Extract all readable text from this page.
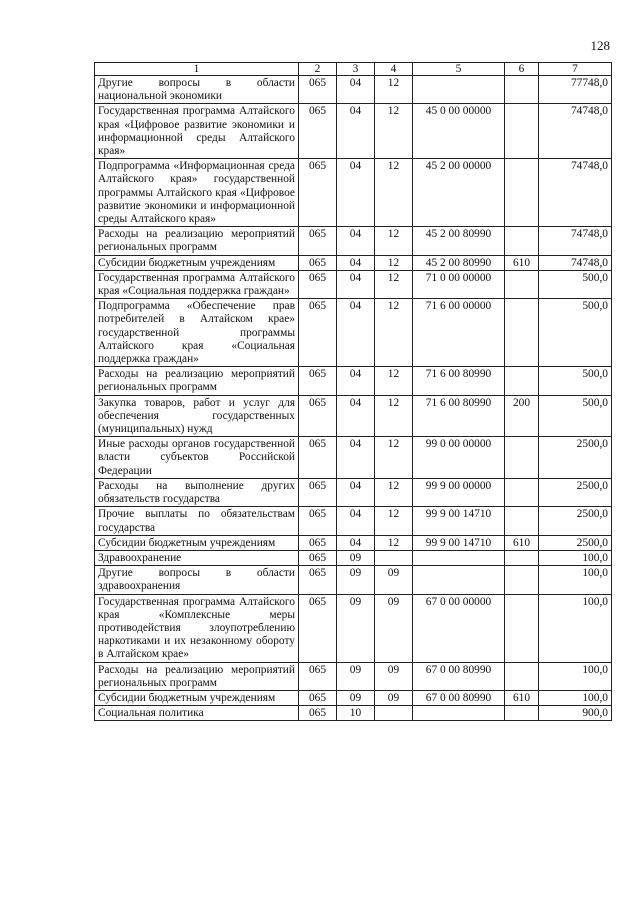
128
1	2	3	4	5	6	7
Другие вопросы в области национальной экономики	065	04	12			77748,0
Государственная программа Алтайского края «Цифровое развитие экономики и информационной среды Алтайского края»	065	04	12	45 0 00 00000		74748,0
Подпрограмма «Информационная среда Алтайского края» государственной программы Алтайского края «Цифровое развитие экономики и информационной среды Алтайского края»	065	04	12	45 2 00 00000		74748,0
Расходы на реализацию мероприятий региональных программ	065	04	12	45 2 00 80990		74748,0
Субсидии бюджетным учреждениям	065	04	12	45 2 00 80990	610	74748,0
Государственная программа Алтайского края «Социальная поддержка граждан»	065	04	12	71 0 00 00000		500,0
Подпрограмма «Обеспечение прав потребителей в Алтайском крае» государственной программы Алтайского края «Социальная поддержка граждан»	065	04	12	71 6 00 00000		500,0
Расходы на реализацию мероприятий региональных программ	065	04	12	71 6 00 80990		500,0
Закупка товаров, работ и услуг для обеспечения государственных (муниципальных) нужд	065	04	12	71 6 00 80990	200	500,0
Иные расходы органов государственной власти субъектов Российской Федерации	065	04	12	99 0 00 00000		2500,0
Расходы на выполнение других обязательств государства	065	04	12	99 9 00 00000		2500,0
Прочие выплаты по обязательствам государства	065	04	12	99 9 00 14710		2500,0
Субсидии бюджетным учреждениям	065	04	12	99 9 00 14710	610	2500,0
Здравоохранение	065	09				100,0
Другие вопросы в области здравоохранения	065	09	09			100,0
Государственная программа Алтайского края «Комплексные меры противодействия злоупотреблению наркотиками и их незаконному обороту в Алтайском крае»	065	09	09	67 0 00 00000		100,0
Расходы на реализацию мероприятий региональных программ	065	09	09	67 0 00 80990		100,0
Субсидии бюджетным учреждениям	065	09	09	67 0 00 80990	610	100,0
Социальная политика	065	10				900,0
